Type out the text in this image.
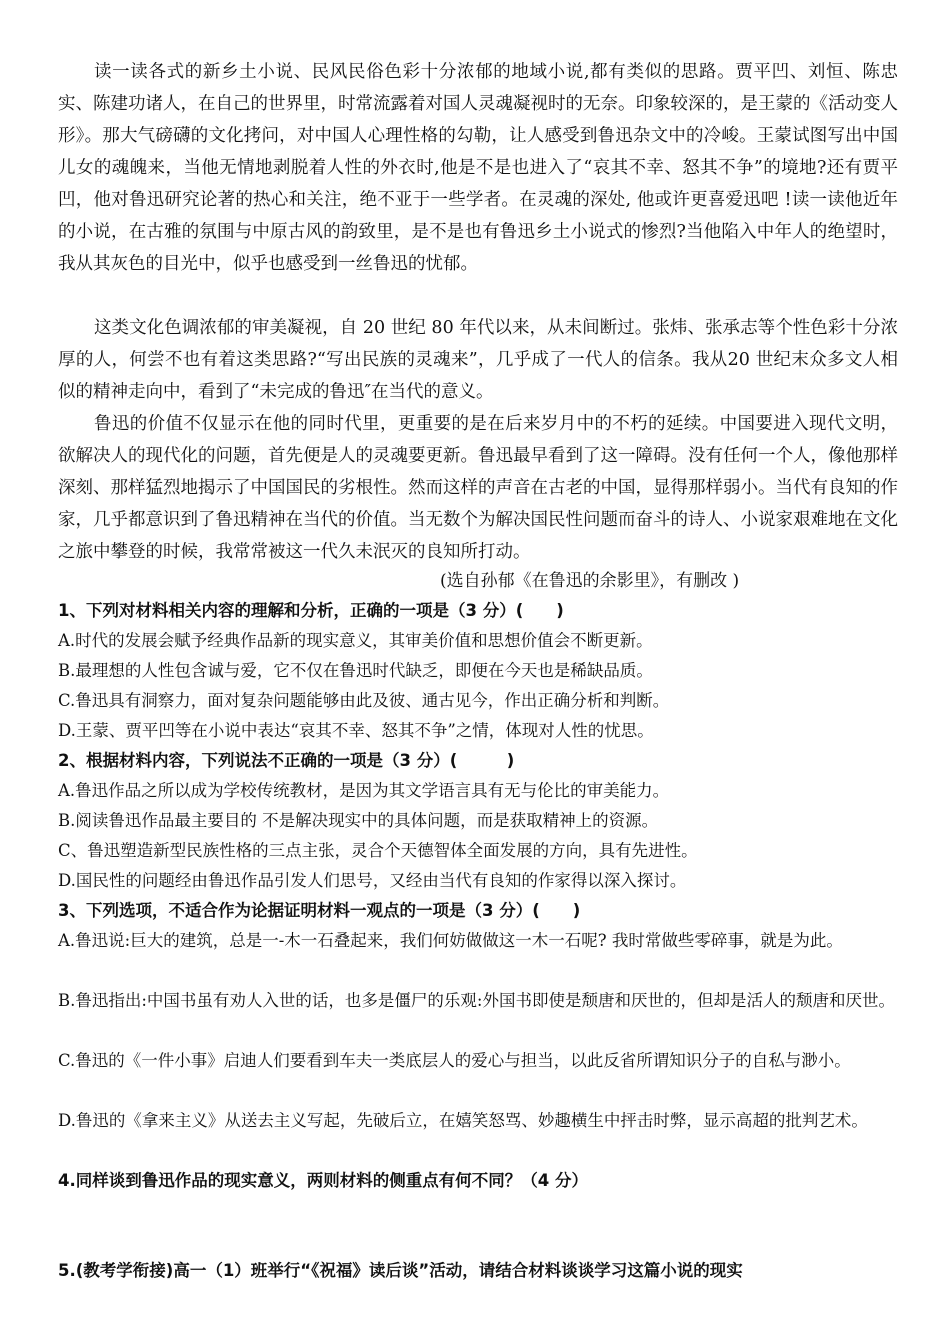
读一读各式的新乡土小说、民风民俗色彩十分浓郁的地域小说,都有类似的思路。贾平凹、刘恒、陈忠实、陈建功诸人，在自己的世界里，时常流露着对国人灵魂凝视时的无奈。印象较深的，是王蒙的《活动变人形》。那大气磅礴的文化拷问，对中国人心理性格的勾勒，让人感受到鲁迅杂文中的冷峻。王蒙试图写出中国儿女的魂魄来，当他无情地剥脱着人性的外衣时,他是不是也进入了“哀其不幸、怒其不争”的境地?还有贾平凹，他对鲁迅研究论著的热心和关注，绝不亚于一些学者。在灵魂的深处, 他或许更喜爱迅吧 !读一读他近年的小说，在古雅的氛围与中原古风的韵致里，是不是也有鲁迅乡土小说式的惨烈?当他陷入中年人的绝望时，我从其灰色的目光中，似乎也感受到一丝鲁迅的忧郁。

这类文化色调浓郁的审美凝视，自 20 世纪 80 年代以来，从未间断过。张炜、张承志等个性色彩十分浓厚的人，何尝不也有着这类思路?“写出民族的灵魂来”，几乎成了一代人的信条。我从20 世纪末众多文人相似的精神走向中，看到了“未完成的鲁迅″在当代的意义。

鲁迅的价值不仅显示在他的同时代里，更重要的是在后来岁月中的不朽的延续。中国要进入现代文明，欲解决人的现代化的问题，首先便是人的灵魂要更新。鲁迅最早看到了这一障碍。没有任何一个人，像他那样深刻、那样猛烈地揭示了中国国民的劣根性。然而这样的声音在古老的中国，显得那样弱小。当代有良知的作家，几乎都意识到了鲁迅精神在当代的价值。当无数个为解决国民性问题而奋斗的诗人、小说家艰难地在文化之旅中攀登的时候，我常常被这一代久未泯灭的良知所打动。

(选自孙郁《在鲁迅的余影里》，有删改 )

1、下列对材料相关内容的理解和分析，正确的一项是（3 分）(　　)

A.时代的发展会赋予经典作品新的现实意义，其审美价值和思想价值会不断更新。

B.最理想的人性包含诚与爱，它不仅在鲁迅时代缺乏，即便在今天也是稀缺品质。

C.鲁迅具有洞察力，面对复杂问题能够由此及彼、通古见今，作出正确分析和判断。

D.王蒙、贾平凹等在小说中表达“哀其不幸、怒其不争”之情，体现对人性的忧思。

2、根据材料内容，下列说法不正确的一项是（3 分）(　　　)

A.鲁迅作品之所以成为学校传统教材，是因为其文学语言具有无与伦比的审美能力。

B.阅读鲁迅作品最主要目的 不是解决现实中的具体问题，而是获取精神上的资源。

C、鲁迅塑造新型民族性格的三点主张，灵合个天德智体全面发展的方向，具有先进性。

D.国民性的问题经由鲁迅作品引发人们思号，又经由当代有良知的作家得以深入探讨。

3、下列选项，不适合作为论据证明材料一观点的一项是（3 分）(　　)

A.鲁迅说:巨大的建筑，总是一-木一石叠起来，我们何妨做做这一木一石呢? 我时常做些零碎事，就是为此。

B.鲁迅指出:中国书虽有劝人入世的话，也多是僵尸的乐观:外国书即使是颓唐和厌世的，但却是活人的颓唐和厌世。

C.鲁迅的《一件小事》启迪人们要看到车夫一类底层人的爱心与担当，以此反省所谓知识分子的自私与渺小。

D.鲁迅的《拿来主义》从送去主义写起，先破后立，在嬉笑怒骂、妙趣横生中抨击时弊，显示高超的批判艺术。

4.同样谈到鲁迅作品的现实意义，两则材料的侧重点有何不同？（4 分）

5.(教考学衔接)高一（1）班举行“《祝福》读后谈”活动，请结合材料谈谈学习这篇小说的现实
